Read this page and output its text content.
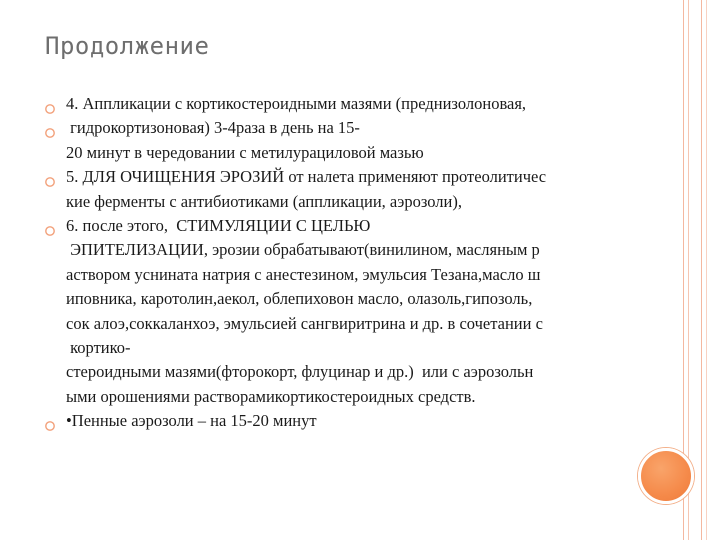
Продолжение
4. Аппликации с кортикостероидными мазями (преднизолоновая,
гидрокортизоновая) 3-4раза в день на 15-
20 минут в чередовании с метилурациловой мазью
5. ДЛЯ ОЧИЩЕНИЯ ЭРОЗИЙ от налета применяют протеолитичес
кие ферменты с антибиотиками (аппликации, аэрозоли),
6. после этого,  СТИМУЛЯЦИИ С ЦЕЛЬЮ
ЭПИТЕЛИЗАЦИИ, эрозии обрабатывают(винилином, масляным р
аствором уснината натрия с анестезином, эмульсия Тезана,масло ш
иповника, каротолин,аекол, облепиховон масло, олазоль,гипозоль,
сок алоэ,соккаланхоэ, эмульсией сангвиритрина и др. в сочетании с
кортико-
стероидными мазями(фторокорт, флуцинар и др.)  или с аэрозольн
ыми орошениями растворамикортикостероидных средств.
•Пенные аэрозоли – на 15-20 минут
